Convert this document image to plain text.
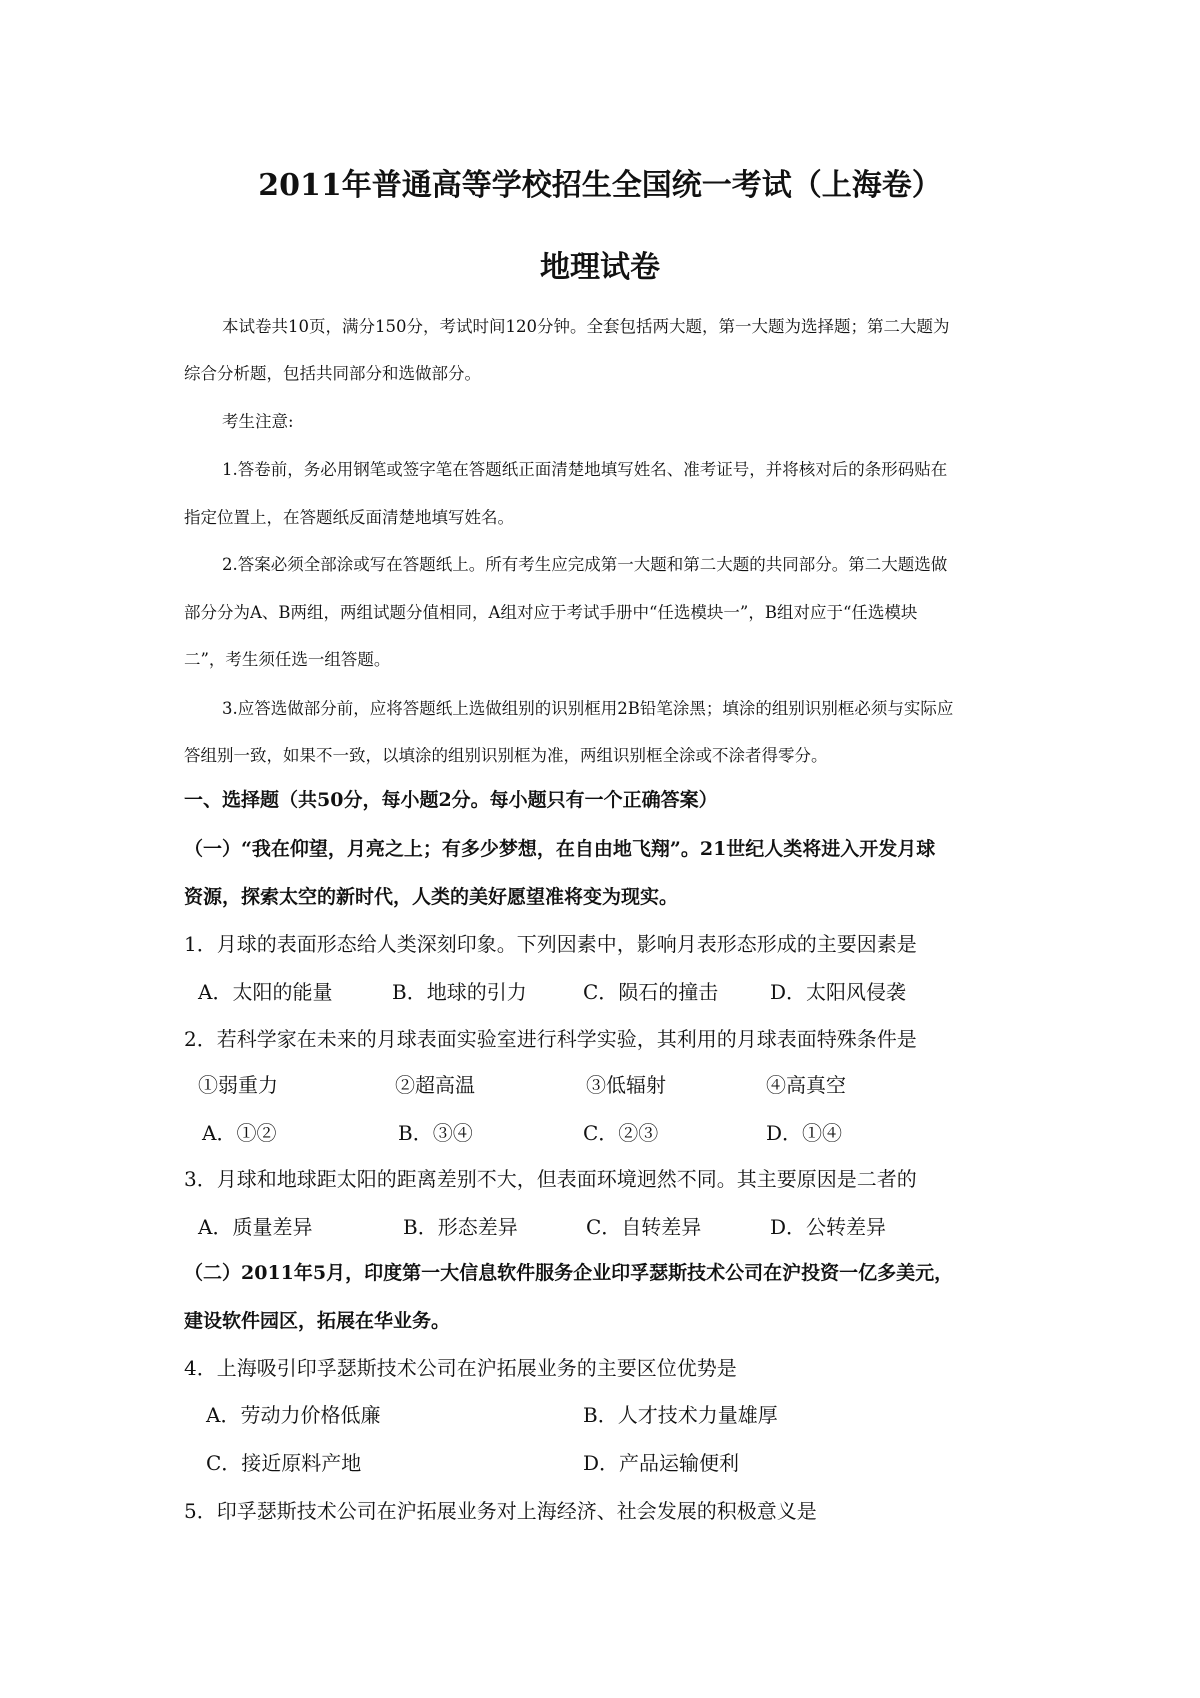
2011年普通高等学校招生全国统一考试（上海卷）
地理试卷
本试卷共10页，满分150分，考试时间120分钟。全套包括两大题，第一大题为选择题；第二大题为
综合分析题，包括共同部分和选做部分。
考生注意:
1.答卷前，务必用钢笔或签字笔在答题纸正面清楚地填写姓名、准考证号，并将核对后的条形码贴在
指定位置上，在答题纸反面清楚地填写姓名。
2.答案必须全部涂或写在答题纸上。所有考生应完成第一大题和第二大题的共同部分。第二大题选做
部分分为A、B两组，两组试题分值相同，A组对应于考试手册中“任选模块一”，B组对应于“任选模块
二”，考生须任选一组答题。
3.应答选做部分前，应将答题纸上选做组别的识别框用2B铅笔涂黑；填涂的组别识别框必须与实际应
答组别一致，如果不一致，以填涂的组别识别框为准，两组识别框全涂或不涂者得零分。
一、选择题（共50分，每小题2分。每小题只有一个正确答案）
（一）“我在仰望，月亮之上；有多少梦想，在自由地飞翔”。21世纪人类将进入开发月球
资源，探索太空的新时代，人类的美好愿望准将变为现实。
1．月球的表面形态给人类深刻印象。下列因素中，影响月表形态形成的主要因素是
A．太阳的能量	B．地球的引力	C．陨石的撞击	D．太阳风侵袭
2．若科学家在未来的月球表面实验室进行科学实验，其利用的月球表面特殊条件是
①弱重力	②超高温	③低辐射	④高真空
A．①②	B．③④	C．②③	D．①④
3．月球和地球距太阳的距离差别不大，但表面环境迥然不同。其主要原因是二者的
A．质量差异	B．形态差异	C．自转差异	D．公转差异
（二）2011年5月，印度第一大信息软件服务企业印孚瑟斯技术公司在沪投资一亿多美元，
建设软件园区，拓展在华业务。
4．上海吸引印孚瑟斯技术公司在沪拓展业务的主要区位优势是
A．劳动力价格低廉	B．人才技术力量雄厚
C．接近原料产地	D．产品运输便利
5．印孚瑟斯技术公司在沪拓展业务对上海经济、社会发展的积极意义是
